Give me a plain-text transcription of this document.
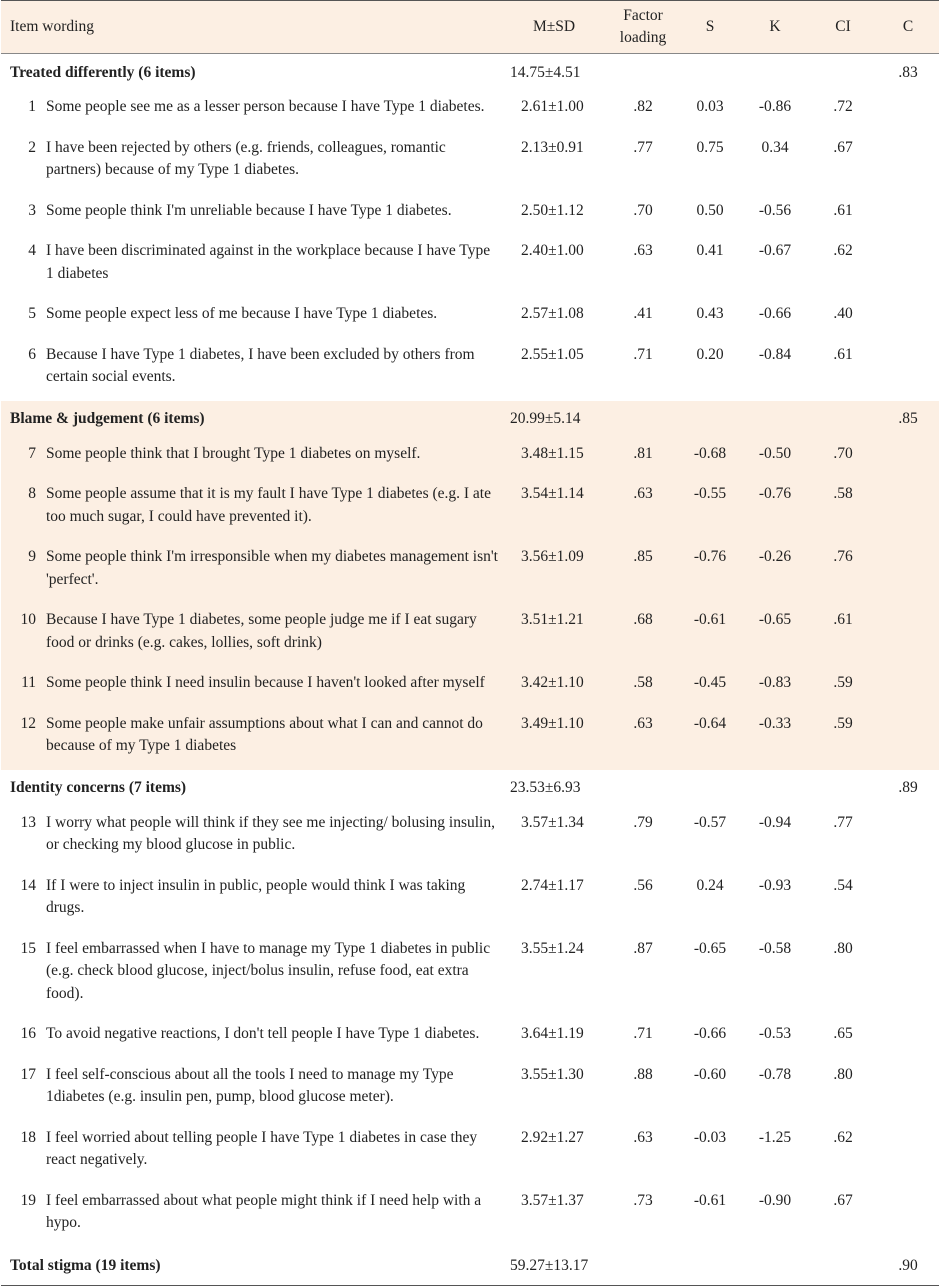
Item wording		M±SD	Factor loading	S	K	CI	C
Treated differently (6 items)		14.75±4.51					.83
1	Some people see me as a lesser person because I have Type 1 diabetes.	2.61±1.00	.82	0.03	-0.86	.72	
2	I have been rejected by others (e.g. friends, colleagues, romantic partners) because of my Type 1 diabetes.	2.13±0.91	.77	0.75	0.34	.67	
3	Some people think I'm unreliable because I have Type 1 diabetes.	2.50±1.12	.70	0.50	-0.56	.61	
4	I have been discriminated against in the workplace because I have Type 1 diabetes	2.40±1.00	.63	0.41	-0.67	.62	
5	Some people expect less of me because I have Type 1 diabetes.	2.57±1.08	.41	0.43	-0.66	.40	
6	Because I have Type 1 diabetes, I have been excluded by others from certain social events.	2.55±1.05	.71	0.20	-0.84	.61	
Blame & judgement (6 items)		20.99±5.14					.85
7	Some people think that I brought Type 1 diabetes on myself.	3.48±1.15	.81	-0.68	-0.50	.70	
8	Some people assume that it is my fault I have Type 1 diabetes (e.g. I ate too much sugar, I could have prevented it).	3.54±1.14	.63	-0.55	-0.76	.58	
9	Some people think I'm irresponsible when my diabetes management isn't 'perfect'.	3.56±1.09	.85	-0.76	-0.26	.76	
10	Because I have Type 1 diabetes, some people judge me if I eat sugary food or drinks (e.g. cakes, lollies, soft drink)	3.51±1.21	.68	-0.61	-0.65	.61	
11	Some people think I need insulin because I haven't looked after myself	3.42±1.10	.58	-0.45	-0.83	.59	
12	Some people make unfair assumptions about what I can and cannot do because of my Type 1 diabetes	3.49±1.10	.63	-0.64	-0.33	.59	
Identity concerns (7 items)		23.53±6.93					.89
13	I worry what people will think if they see me injecting/ bolusing insulin, or checking my blood glucose in public.	3.57±1.34	.79	-0.57	-0.94	.77	
14	If I were to inject insulin in public, people would think I was taking drugs.	2.74±1.17	.56	0.24	-0.93	.54	
15	I feel embarrassed when I have to manage my Type 1 diabetes in public (e.g. check blood glucose, inject/bolus insulin, refuse food, eat extra food).	3.55±1.24	.87	-0.65	-0.58	.80	
16	To avoid negative reactions, I don't tell people I have Type 1 diabetes.	3.64±1.19	.71	-0.66	-0.53	.65	
17	I feel self-conscious about all the tools I need to manage my Type 1diabetes (e.g. insulin pen, pump, blood glucose meter).	3.55±1.30	.88	-0.60	-0.78	.80	
18	I feel worried about telling people I have Type 1 diabetes in case they react negatively.	2.92±1.27	.63	-0.03	-1.25	.62	
19	I feel embarrassed about what people might think if I need help with a hypo.	3.57±1.37	.73	-0.61	-0.90	.67	
Total stigma (19 items)		59.27±13.17					.90
